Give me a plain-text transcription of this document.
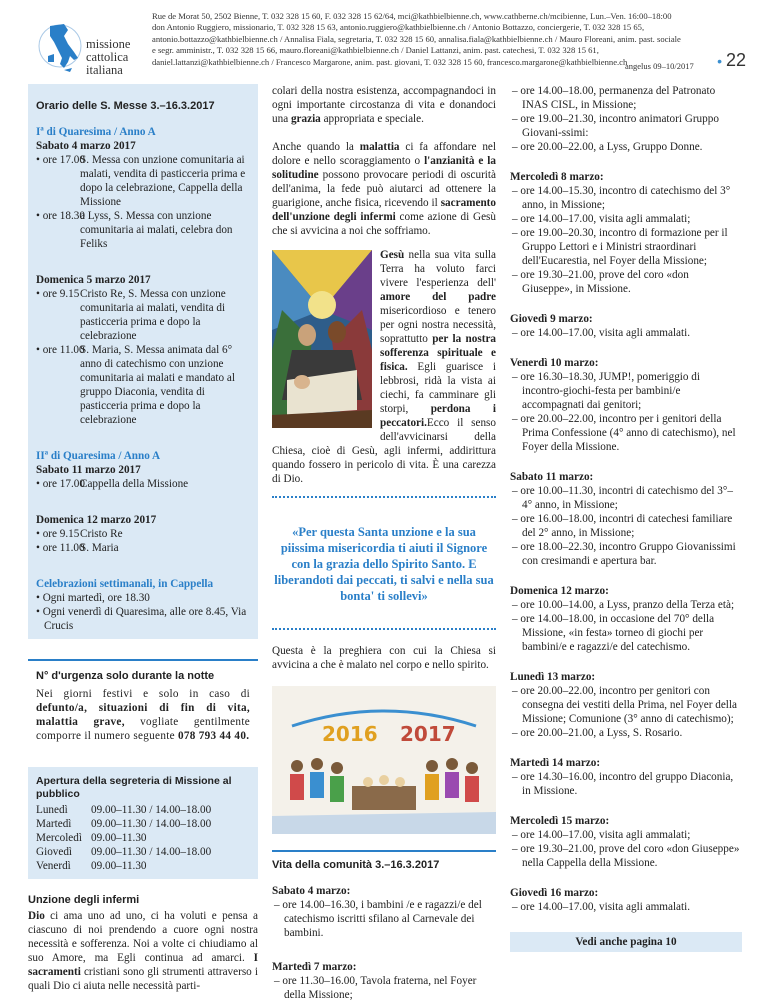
missione
cattolica
italiana
Rue de Morat 50, 2502 Bienne, T. 032 328 15 60, F. 032 328 15 62/64, mci@kathbielbienne.ch, www.cathberne.ch/mcibienne, Lun.–Ven. 16:00–18:00
don Antonio Ruggiero, missionario, T. 032 328 15 63, antonio.ruggiero@kathbielbienne.ch / Antonio Bottazzo, conciergerie, T. 032 328 15 65,
antonio.bottazzo@kathbielbienne.ch / Annalisa Fiala, segretaria, T. 032 328 15 60, annalisa.fiala@kathbielbienne.ch / Mauro Floreani, anim. past. sociale
e segr. amministr., T. 032 328 15 66, mauro.floreani@kathbielbienne.ch / Daniel Lattanzi, anim. past. catechesi, T. 032 328 15 61,
daniel.lattanzi@kathbielbienne.ch / Francesco Margarone, anim. past. giovani, T. 032 328 15 60, francesco.margarone@kathbielbienne.ch
angelus 09–10/2017 • 22
Orario delle S. Messe 3.–16.3.2017
Iª di Quaresima / Anno A
Sabato 4 marzo 2017
• ore 17.00
S. Messa con unzione comunitaria ai malati, vendita di pasticceria prima e dopo la celebrazione, Cappella della Missione
• ore 18.30
a Lyss, S. Messa con unzione comunitaria ai malati, celebra don Feliks
Domenica 5 marzo 2017
• ore 9.15 Cristo Re, S. Messa con unzione comunitaria ai malati, vendita di pasticceria prima e dopo la celebrazione
• ore 11.00
S. Maria, S. Messa animata dal 6° anno di catechismo con unzione comunitaria ai malati e mandato al gruppo Diaconia, vendita di pasticceria prima e dopo la celebrazione
IIª di Quaresima / Anno A
Sabato 11 marzo 2017
• ore 17.00
Cappella della Missione
Domenica 12 marzo 2017
• ore 9.15 Cristo Re
• ore 11.00
S. Maria
Celebrazioni settimanali, in Cappella
• Ogni martedì, ore 18.30
• Ogni venerdì di Quaresima, alle ore 8.45, Via Crucis
N° d'urgenza solo durante la notte
Nei giorni festivi e solo in caso di defunto/a, situazioni di fin di vita, malattia grave, vogliate gentilmente comporre il numero seguente 078 793 44 40.
Apertura della segreteria di Missione al pubblico
Lunedì	09.00–11.30 / 14.00–18.00
Martedì	09.00–11.30 / 14.00–18.00
Mercoledì 09.00–11.30
Giovedì	09.00–11.30 / 14.00–18.00
Venerdì	09.00–11.30
Unzione degli infermi
Dio ci ama uno ad uno, ci ha voluti e pensa a ciascuno di noi prendendo a cuore ogni nostra necessità e sofferenza. Noi a volte ci chiudiamo al suo Amore, ma Egli continua ad amarci. I sacramenti cristiani sono gli strumenti attraverso i quali Dio ci aiuta nelle necessità parti-

colari della nostra esistenza, accompagnandoci in ogni importante circostanza di vita e donandoci una grazia appropriata e speciale.

Anche quando la malattia ci fa affondare nel dolore e nello scoraggiamento o l'anzianità e la solitudine possono provocare periodi di oscurità dell'anima, la fede può aiutarci ad ottenere la guarigione, anche fisica, ricevendo il sacramento dell'unzione degli infermi come azione di Gesù che si avvicina a noi che soffriamo.

Gesù nella sua vita sulla Terra ha voluto farci vivere l'esperienza dell' amore del padre misericordioso e tenero per ogni nostra necessità, soprattutto per la nostra sofferenza spirituale e fisica. Egli guarisce i lebbrosi, ridà la vista ai ciechi, fa camminare gli storpi, perdona i peccatori.Ecco il senso dell'avvicinarsi della Chiesa, cioè di Gesù, agli infermi, addirittura quando fossero in pericolo di vita. È una carezza di Dio.

«Per questa Santa unzione e la sua piissima misericordia ti aiuti il Signore con la grazia dello Spirito Santo. E liberandoti dai peccati, ti salvi e nella sua bonta' ti sollevi»

Questa è la preghiera con cui la Chiesa si avvicina a che è malato nel corpo e nello spirito.

2016 2017
Vita della comunità 3.–16.3.2017
Sabato 4 marzo:
– ore 14.00–16.30, i bambini /e e ragazzi/e del catechismo iscritti sfilano al Carnevale dei bambini.
Martedì 7 marzo:
– ore 11.30–16.00, Tavola fraterna, nel Foyer della Missione;
– ore 14.00–18.00, permanenza del Patronato INAS CISL, in Missione;
– ore 19.00–21.30, incontro animatori Gruppo Giovani-ssimi:
– ore 20.00–22.00, a Lyss, Gruppo Donne.
Mercoledì 8 marzo:
– ore 14.00–15.30, incontro di catechismo del 3° anno, in Missione;
– ore 14.00–17.00, visita agli ammalati;
– ore 19.00–20.30, incontro di formazione per il Gruppo Lettori e i Ministri straordinari dell'Eucarestia, nel Foyer della Missione;
– ore 19.30–21.00, prove del coro «don Giuseppe», in Missione.
Giovedì 9 marzo:
– ore 14.00–17.00, visita agli ammalati.
Venerdì 10 marzo:
– ore 16.30–18.30, JUMP!, pomeriggio di incontro-giochi-festa per bambini/e accompagnati dai genitori;
– ore 20.00–22.00, incontro per i genitori della Prima Confessione (4° anno di catechismo), nel Foyer della Missione.
Sabato 11 marzo:
– ore 10.00–11.30, incontri di catechismo del 3°–4° anno, in Missione;
– ore 16.00–18.00, incontri di catechesi familiare del 2° anno, in Missione;
– ore 18.00–22.30, incontro Gruppo Giovanissimi con cresimandi e apertura bar.
Domenica 12 marzo:
– ore 10.00–14.00, a Lyss, pranzo della Terza età;
– ore 14.00–18.00, in occasione del 70° della Missione, «in festa» torneo di giochi per bambini/e e ragazzi/e del catechismo.
Lunedì 13 marzo:
– ore 20.00–22.00, incontro per genitori con consegna dei vestiti della Prima, nel Foyer della Missione; Comunione (3° anno di catechismo);
– ore 20.00–21.00, a Lyss, S. Rosario.
Martedì 14 marzo:
– ore 14.30–16.00, incontro del gruppo Diaconia, in Missione.
Mercoledì 15 marzo:
– ore 14.00–17.00, visita agli ammalati;
– ore 19.30–21.00, prove del coro «don Giuseppe» nella Cappella della Missione.
Giovedì 16 marzo:
– ore 14.00–17.00, visita agli ammalati.
Vedi anche pagina 10
